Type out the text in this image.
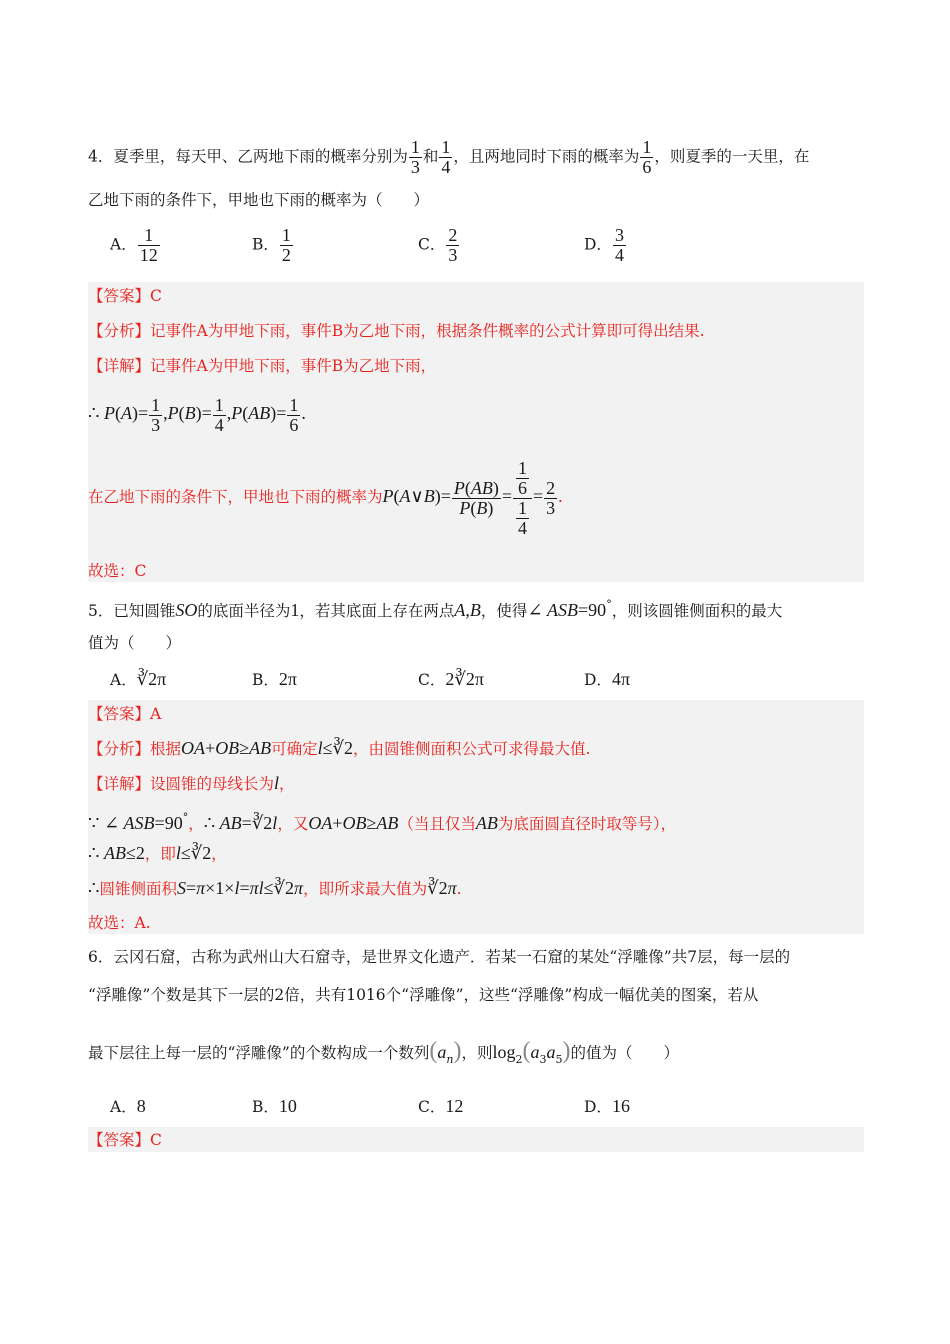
4．夏季里，每天甲、乙两地下雨的概率分别为 $\frac{1}{3}$ 和 $\frac{1}{4}$ ，且两地同时下雨的概率为 $\frac{1}{6}$ ，则夏季的一天里，在
乙地下雨的条件下，甲地也下雨的概率为（　　）
A． $\frac{1}{12}$	B． $\frac{1}{2}$	C． $\frac{2}{3}$	D． $\frac{3}{4}$
【答案】C
【分析】记事件A为甲地下雨，事件B为乙地下雨，根据条件概率的公式计算即可得出结果.
【详解】记事件A为甲地下雨，事件B为乙地下雨，
∴ $P(A)= \frac{1}{3} ,P(B)= \frac{1}{4} ,P(AB)= \frac{1}{6}$ .
在乙地下雨的条件下，甲地也下雨的概率为P(A∨B)= $\frac{P(AB)}{P(B)} = \frac{\frac{1}{6}}{\frac{1}{4}} = \frac{2}{3}$ .
故选：C
5．已知圆锥SO的底面半径为1，若其底面上存在两点A,B，使得∠ ASB=90°，则该圆锥侧面积的最大
值为（　　）
A．∛2π	B．2π	C．2∛2π	D．4π
【答案】A
【分析】根据OA+OB≥AB可确定l≤∛2，由圆锥侧面积公式可求得最大值.
【详解】设圆锥的母线长为l，
∵ ∠ ASB=90°，∴ AB=∛2l，又OA+OB≥AB（当且仅当AB为底面圆直径时取等号），
∴ AB≤2，即l≤∛2，
∴圆锥侧面积S=π×1×l=πl≤∛2π，即所求最大值为∛2π.
故选：A.
6．云冈石窟，古称为武州山大石窟寺，是世界文化遗产．若某一石窟的某处“浮雕像”共7层，每一层的
“浮雕像”个数是其下一层的2倍，共有1016个“浮雕像”，这些“浮雕像”构成一幅优美的图案，若从
最下层往上每一层的“浮雕像”的个数构成一个数列$(a_n)$，则$\log_2(a_3a_5)$的值为（　　）
A．8	B．10	C．12	D．16
【答案】C
